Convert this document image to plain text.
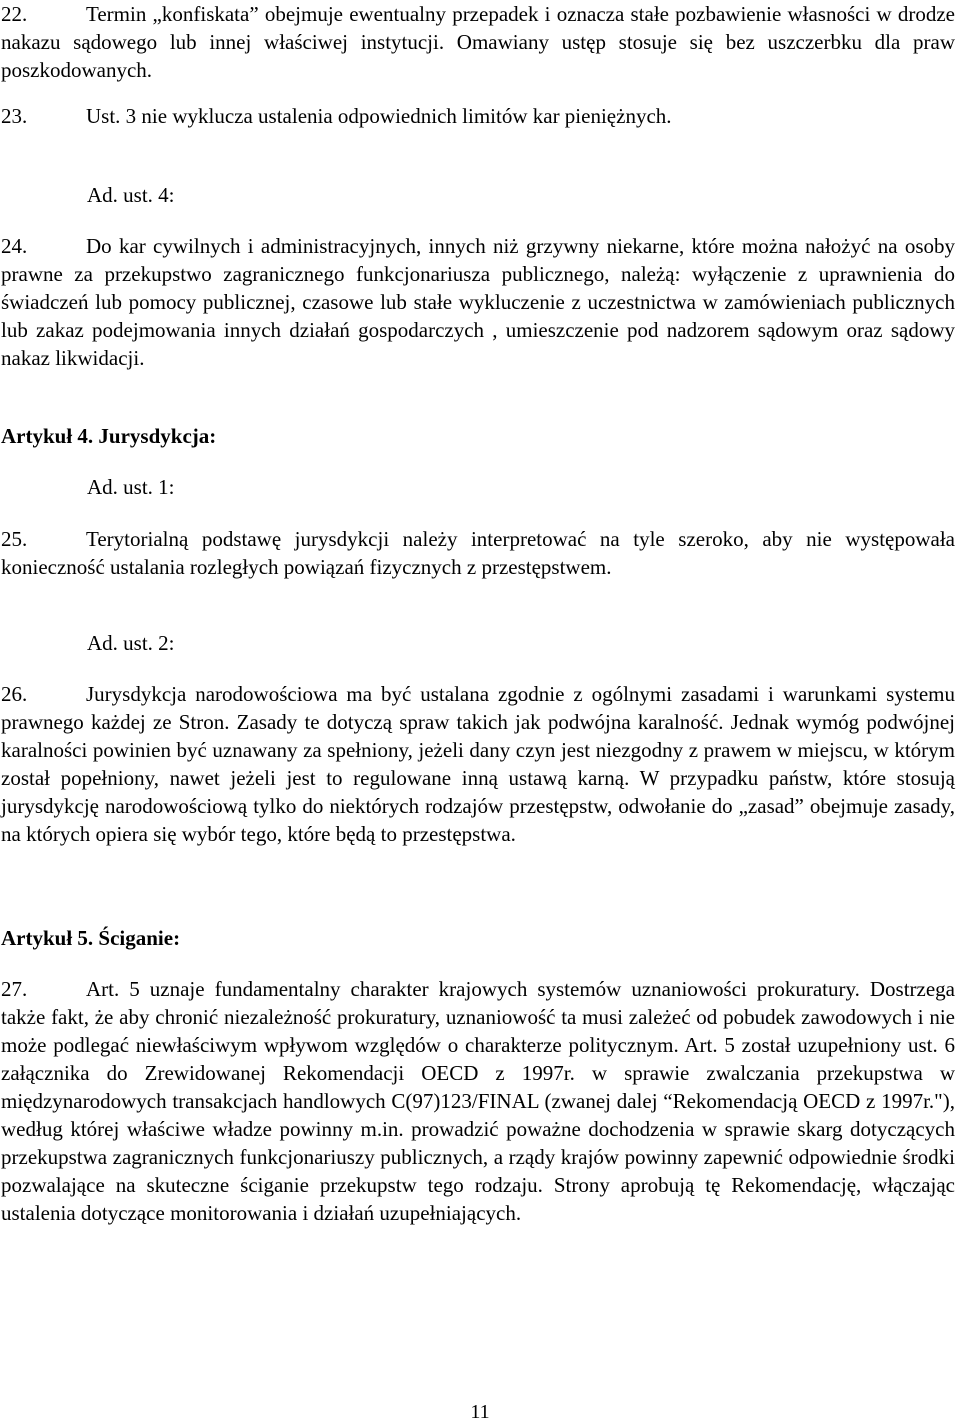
22.	Termin „konfiskata” obejmuje ewentualny przepadek i oznacza stałe pozbawienie własności w drodze nakazu sądowego lub innej właściwej instytucji. Omawiany ustęp stosuje się bez uszczerbku dla praw poszkodowanych.

23.	Ust. 3 nie wyklucza ustalenia odpowiednich limitów kar pieniężnych.

Ad. ust. 4:

24.	Do kar cywilnych i administracyjnych, innych niż grzywny niekarne, które można nałożyć na osoby prawne za przekupstwo zagranicznego funkcjonariusza publicznego, należą: wyłączenie z uprawnienia do świadczeń lub pomocy publicznej, czasowe lub stałe wykluczenie z uczestnictwa w zamówieniach publicznych lub zakaz podejmowania innych działań gospodarczych , umieszczenie pod nadzorem sądowym oraz sądowy nakaz likwidacji.

Artykuł 4. Jurysdykcja:

Ad. ust. 1:

25.	Terytorialną podstawę jurysdykcji należy interpretować na tyle szeroko, aby nie występowała konieczność ustalania rozległych powiązań fizycznych z przestępstwem.

Ad. ust. 2:

26.	Jurysdykcja narodowościowa ma być ustalana zgodnie z ogólnymi zasadami i warunkami systemu prawnego każdej ze Stron. Zasady te dotyczą spraw takich jak podwójna karalność. Jednak wymóg podwójnej karalności powinien być uznawany za spełniony, jeżeli dany czyn jest niezgodny z prawem w miejscu, w którym został popełniony, nawet jeżeli jest to regulowane inną ustawą karną. W przypadku państw, które stosują jurysdykcję narodowościową tylko do niektórych rodzajów przestępstw, odwołanie do „zasad” obejmuje zasady, na których opiera się wybór tego, które będą to przestępstwa.

Artykuł 5. Ściganie:

27.	Art. 5 uznaje fundamentalny charakter krajowych systemów uznaniowości prokuratury. Dostrzega także fakt, że aby chronić niezależność prokuratury, uznaniowość ta musi zależeć od pobudek zawodowych i nie może podlegać niewłaściwym wpływom względów o charakterze politycznym. Art. 5 został uzupełniony ust. 6 załącznika do Zrewidowanej Rekomendacji OECD z 1997r. w sprawie zwalczania przekupstwa w międzynarodowych transakcjach handlowych C(97)123/FINAL (zwanej dalej “Rekomendacją OECD z 1997r."), według której właściwe władze powinny m.in. prowadzić poważne dochodzenia w sprawie skarg dotyczących przekupstwa zagranicznych funkcjonariuszy publicznych, a rządy krajów powinny zapewnić odpowiednie środki pozwalające na skuteczne ściganie przekupstw tego rodzaju. Strony aprobują tę Rekomendację, włączając ustalenia dotyczące monitorowania i działań uzupełniających.

11
